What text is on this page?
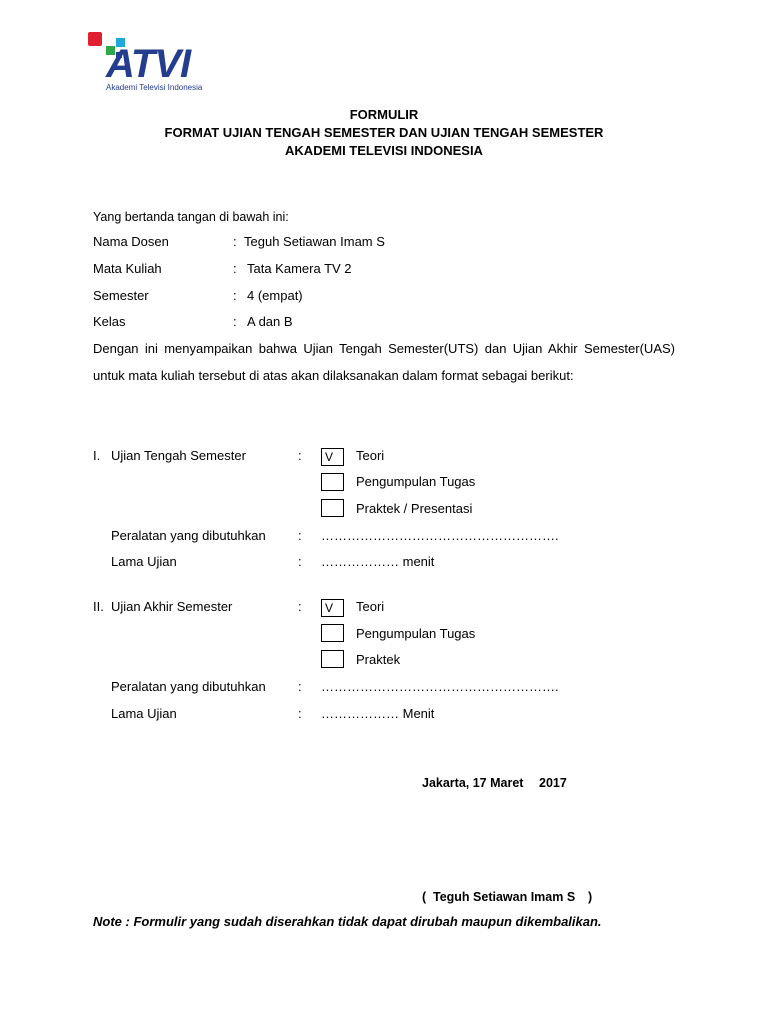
ATVI
Akademi Televisi Indonesia
FORMULIR
FORMAT UJIAN TENGAH SEMESTER DAN UJIAN TENGAH SEMESTER
AKADEMI TELEVISI INDONESIA
Yang bertanda tangan di bawah ini:
Nama Dosen	: Teguh Setiawan Imam S
Mata Kuliah	: Tata Kamera TV 2
Semester	: 4 (empat)
Kelas	: A dan B
Dengan ini menyampaikan bahwa Ujian Tengah Semester(UTS) dan Ujian Akhir Semester(UAS) untuk mata kuliah tersebut di atas akan dilaksanakan dalam format sebagai berikut:
I. Ujian Tengah Semester	:	V	Teori
Pengumpulan Tugas
Praktek / Presentasi
Peralatan yang dibutuhkan : ……………………………………………….
Lama Ujian	: ……………… menit
II. Ujian Akhir Semester	:	V	Teori
Pengumpulan Tugas
Praktek
Peralatan yang dibutuhkan : ……………………………………………….
Lama Ujian	: ……………… Menit
Jakarta, 17 Maret 2017
( Teguh Setiawan Imam S )
Note : Formulir yang sudah diserahkan tidak dapat dirubah maupun dikembalikan.
